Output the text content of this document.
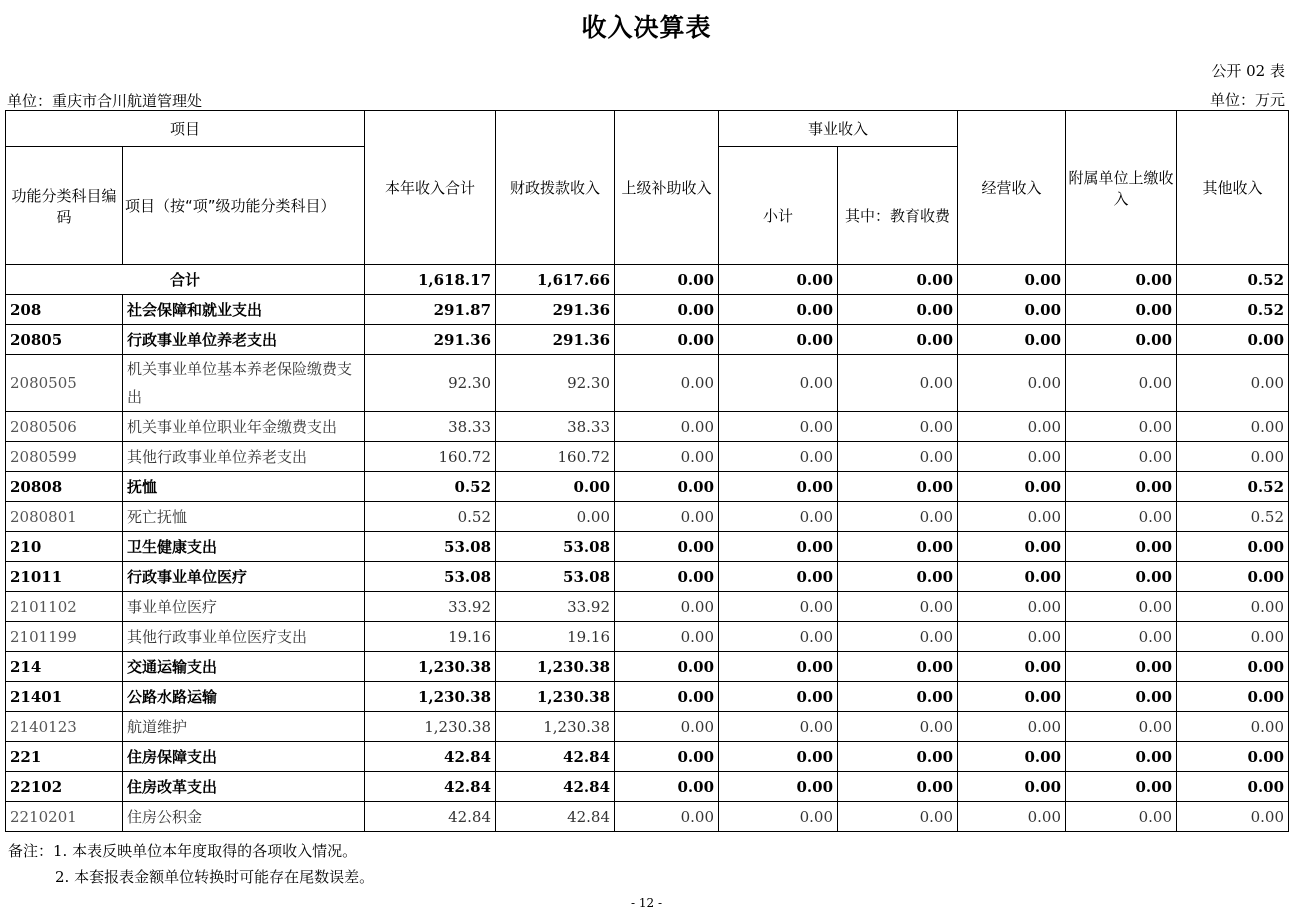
收入决算表
公开 02 表
单位：重庆市合川航道管理处	单位：万元
项目		本年收入合计	财政拨款收入	上级补助收入	事业收入		经营收入	附属单位上缴收入	其他收入
功能分类科目编码	项目（按“项”级功能分类科目）				小计	其中：教育收费			
合计		1,618.17	1,617.66	0.00	0.00	0.00	0.00	0.00	0.52
208	社会保障和就业支出	291.87	291.36	0.00	0.00	0.00	0.00	0.00	0.52
20805	行政事业单位养老支出	291.36	291.36	0.00	0.00	0.00	0.00	0.00	0.00
2080505	机关事业单位基本养老保险缴费支出	92.30	92.30	0.00	0.00	0.00	0.00	0.00	0.00
2080506	机关事业单位职业年金缴费支出	38.33	38.33	0.00	0.00	0.00	0.00	0.00	0.00
2080599	其他行政事业单位养老支出	160.72	160.72	0.00	0.00	0.00	0.00	0.00	0.00
20808	抚恤	0.52	0.00	0.00	0.00	0.00	0.00	0.00	0.52
2080801	死亡抚恤	0.52	0.00	0.00	0.00	0.00	0.00	0.00	0.52
210	卫生健康支出	53.08	53.08	0.00	0.00	0.00	0.00	0.00	0.00
21011	行政事业单位医疗	53.08	53.08	0.00	0.00	0.00	0.00	0.00	0.00
2101102	事业单位医疗	33.92	33.92	0.00	0.00	0.00	0.00	0.00	0.00
2101199	其他行政事业单位医疗支出	19.16	19.16	0.00	0.00	0.00	0.00	0.00	0.00
214	交通运输支出	1,230.38	1,230.38	0.00	0.00	0.00	0.00	0.00	0.00
21401	公路水路运输	1,230.38	1,230.38	0.00	0.00	0.00	0.00	0.00	0.00
2140123	航道维护	1,230.38	1,230.38	0.00	0.00	0.00	0.00	0.00	0.00
221	住房保障支出	42.84	42.84	0.00	0.00	0.00	0.00	0.00	0.00
22102	住房改革支出	42.84	42.84	0.00	0.00	0.00	0.00	0.00	0.00
2210201	住房公积金	42.84	42.84	0.00	0.00	0.00	0.00	0.00	0.00
备注：1. 本表反映单位本年度取得的各项收入情况。
2. 本套报表金额单位转换时可能存在尾数误差。
- 12 -
